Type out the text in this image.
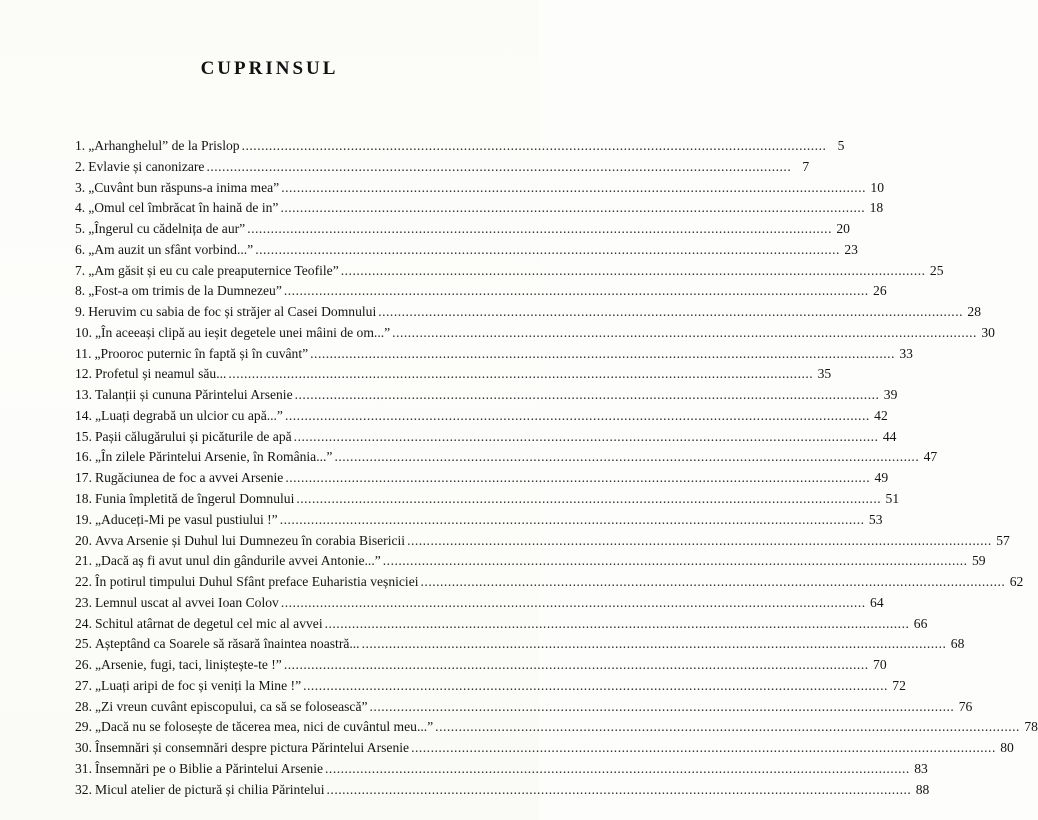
CUPRINSUL
1. „Arhanghelul” de la Prislop .....	5
2. Evlavie și canonizare .....	7
3. „Cuvânt bun răspuns-a inima mea” .....	10
4. „Omul cel îmbrăcat în haină de in” .....	18
5. „Îngerul cu cădelnița de aur” .....	20
6. „Am auzit un sfânt vorbind...” .....	23
7. „Am găsit și eu cu cale preaputernice Teofile” .....	25
8. „Fost-a om trimis de la Dumnezeu” .....	26
9. Heruvim cu sabia de foc și străjer al Casei Domnului .....	28
10. „În aceeași clipă au ieșit degetele unei mâini de om...” .....	30
11. „Prooroc puternic în faptă și în cuvânt” .....	33
12. Profetul și neamul său... .....	35
13. Talanții și cununa Părintelui Arsenie .....	39
14. „Luați degrabă un ulcior cu apă...” .....	42
15. Pașii călugărului și picăturile de apă .....	44
16. „În zilele Părintelui Arsenie, în România...” .....	47
17. Rugăciunea de foc a avvei Arsenie .....	49
18. Funia împletită de îngerul Domnului .....	51
19. „Aduceți-Mi pe vasul pustiului !” .....	53
20. Avva Arsenie și Duhul lui Dumnezeu în corabia Bisericii .....	57
21. „Dacă aș fi avut unul din gândurile avvei Antonie...” .....	59
22. În potirul timpului Duhul Sfânt preface Euharistia veșniciei .....	62
23. Lemnul uscat al avvei Ioan Colov .....	64
24. Schitul atârnat de degetul cel mic al avvei .....	66
25. Așteptând ca Soarele să răsară înaintea noastră... .....	68
26. „Arsenie, fugi, taci, liniștește-te !” .....	70
27. „Luați aripi de foc și veniți la Mine !” .....	72
28. „Zi vreun cuvânt episcopului, ca să se folosească” .....	76
29. „Dacă nu se folosește de tăcerea mea, nici de cuvântul meu...” .....	78
30. Însemnări și consemnări despre pictura Părintelui Arsenie .....	80
31. Însemnări pe o Biblie a Părintelui Arsenie .....	83
32. Micul atelier de pictură și chilia Părintelui .....	88
